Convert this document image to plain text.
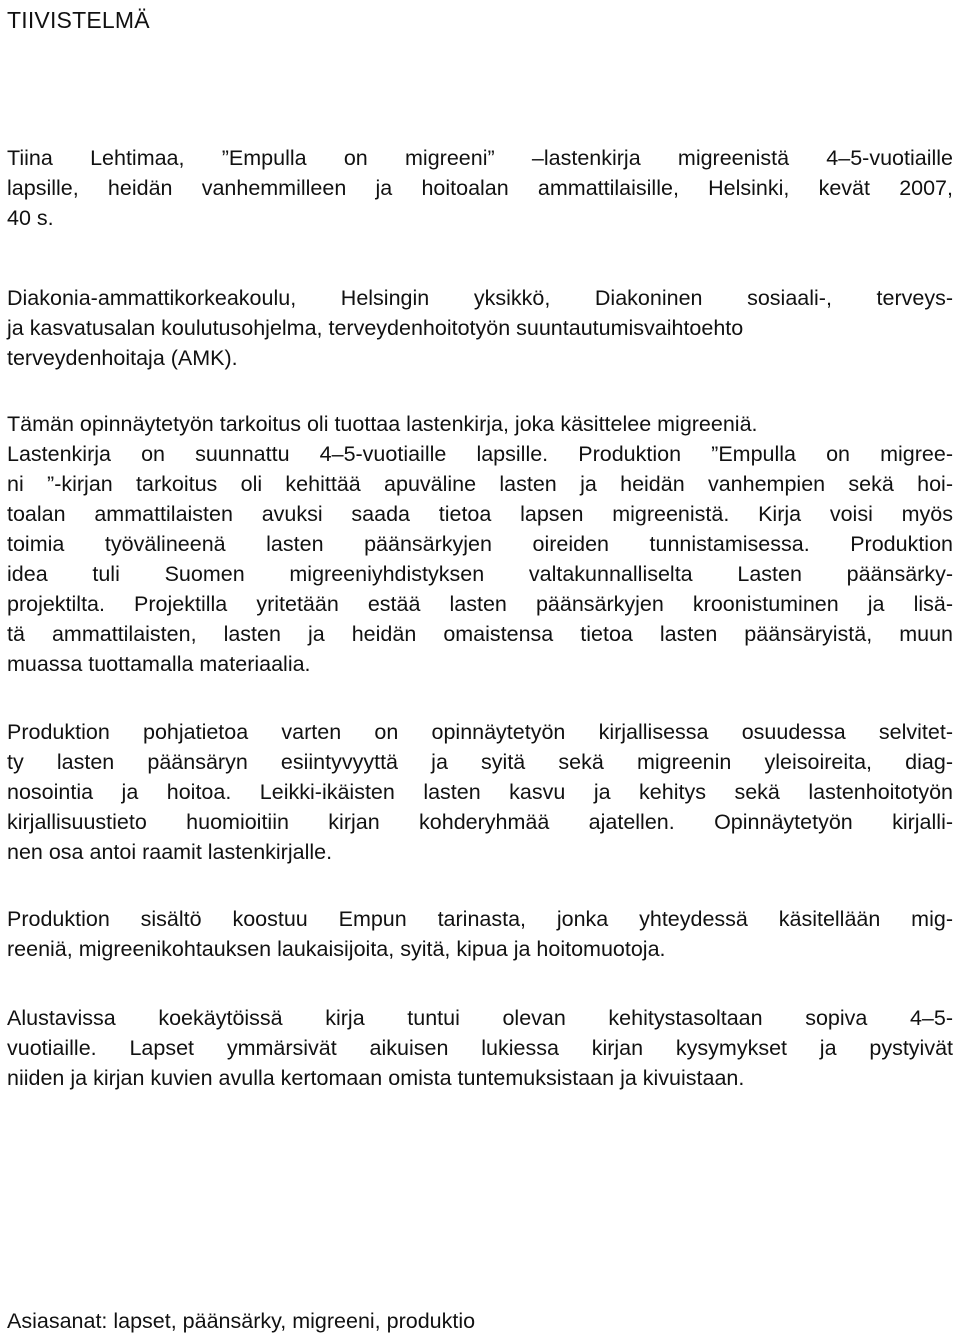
TIIVISTELMÄ

Tiina Lehtimaa, ”Empulla on migreeni” –lastenkirja migreenistä 4–5-vuotiaille
lapsille, heidän vanhemmilleen ja hoitoalan ammattilaisille, Helsinki, kevät 2007,
40 s.

Diakonia-ammattikorkeakoulu, Helsingin yksikkö, Diakoninen sosiaali-, terveys-
ja kasvatusalan koulutusohjelma, terveydenhoitotyön suuntautumisvaihtoehto
terveydenhoitaja (AMK).

Tämän opinnäytetyön tarkoitus oli tuottaa lastenkirja, joka käsittelee migreeniä.
Lastenkirja on suunnattu 4–5-vuotiaille lapsille. Produktion ”Empulla on migree-
ni ”-kirjan tarkoitus oli kehittää apuväline lasten ja heidän vanhempien sekä hoi-
toalan ammattilaisten avuksi saada tietoa lapsen migreenistä. Kirja voisi myös
toimia työvälineenä lasten päänsärkyjen oireiden tunnistamisessa. Produktion
idea tuli Suomen migreeniyhdistyksen valtakunnalliselta Lasten päänsärky-
projektilta. Projektilla yritetään estää lasten päänsärkyjen kroonistuminen ja lisä-
tä ammattilaisten, lasten ja heidän omaistensa tietoa lasten päänsäryistä, muun
muassa tuottamalla materiaalia.

Produktion pohjatietoa varten on opinnäytetyön kirjallisessa osuudessa selvitet-
ty lasten päänsäryn esiintyvyyttä ja syitä sekä migreenin yleisoireita, diag-
nosointia ja hoitoa. Leikki-ikäisten lasten kasvu ja kehitys sekä lastenhoitotyön
kirjallisuustieto huomioitiin kirjan kohderyhmää ajatellen. Opinnäytetyön kirjalli-
nen osa antoi raamit lastenkirjalle.

Produktion sisältö koostuu Empun tarinasta, jonka yhteydessä käsitellään mig-
reeniä, migreenikohtauksen laukaisijoita, syitä, kipua ja hoitomuotoja.

Alustavissa koekäytöissä kirja tuntui olevan kehitystasoltaan sopiva 4–5-
vuotiaille. Lapset ymmärsivät aikuisen lukiessa kirjan kysymykset ja pystyivät
niiden ja kirjan kuvien avulla kertomaan omista tuntemuksistaan ja kivuistaan.

Asiasanat: lapset, päänsärky, migreeni, produktio
